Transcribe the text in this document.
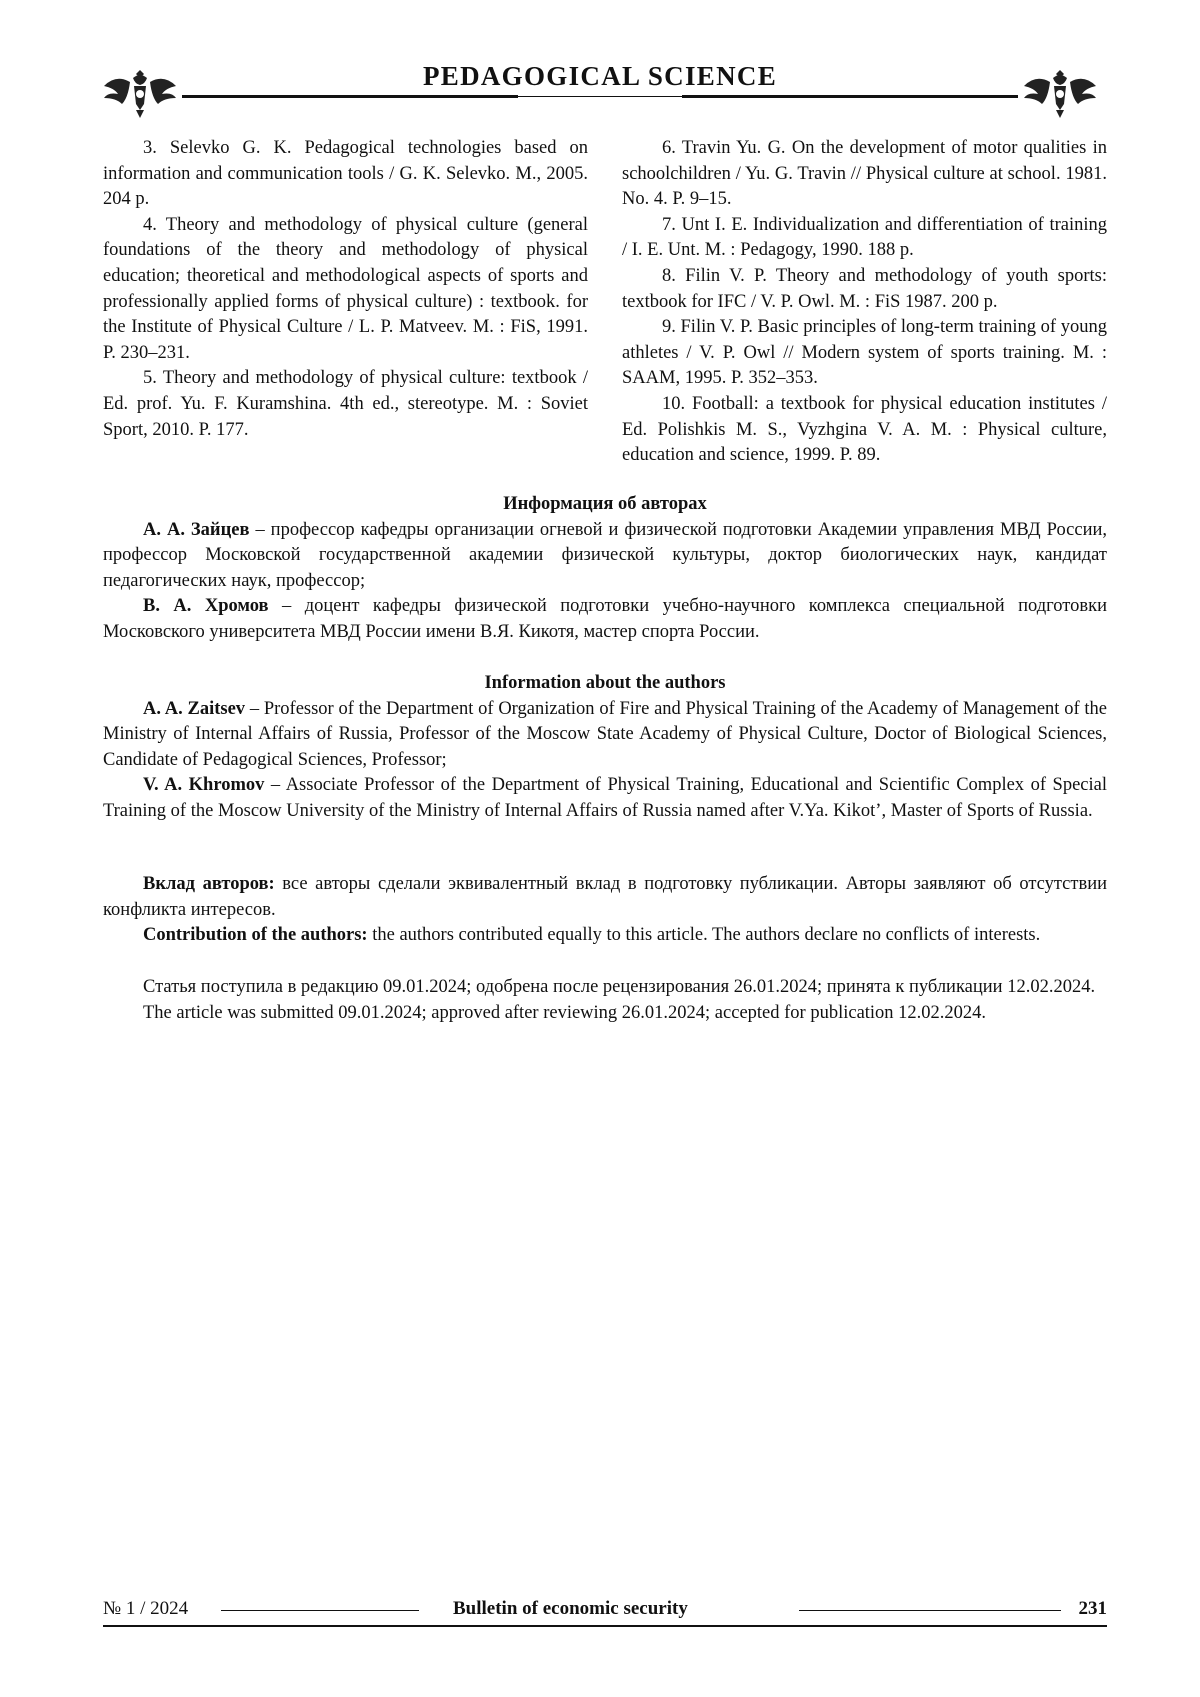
PEDAGOGICAL SCIENCE

3. Selevko G. K. Pedagogical technologies based on information and communication tools / G. K. Selevko. M., 2005. 204 p.

4. Theory and methodology of physical culture (general foundations of the theory and methodology of physical education; theoretical and methodological aspects of sports and professionally applied forms of physical culture) : textbook. for the Institute of Physical Culture / L. P. Matveev. M. : FiS, 1991. P. 230–231.

5. Theory and methodology of physical culture: textbook / Ed. prof. Yu. F. Kuramshina. 4th ed., stereotype. M. : Soviet Sport, 2010. P. 177.

6. Travin Yu. G. On the development of motor qualities in schoolchildren / Yu. G. Travin // Physical culture at school. 1981. No. 4. P. 9–15.

7. Unt I. E. Individualization and differentiation of training / I. E. Unt. M. : Pedagogy, 1990. 188 p.

8. Filin V. P. Theory and methodology of youth sports: textbook for IFC / V. P. Owl. M. : FiS 1987. 200 p.

9. Filin V. P. Basic principles of long-term training of young athletes / V. P. Owl // Modern system of sports training. M. : SAAM, 1995. P. 352–353.

10. Football: a textbook for physical education institutes / Ed. Polishkis M. S., Vyzhgina V. A. M. : Physical culture, education and science, 1999. P. 89.

Информация об авторах

А. А. Зайцев – профессор кафедры организации огневой и физической подготовки Академии управления МВД России, профессор Московской государственной академии физической культуры, доктор биологических наук, кандидат педагогических наук, профессор;

В. А. Хромов – доцент кафедры физической подготовки учебно-научного комплекса специальной подготовки Московского университета МВД России имени В.Я. Кикотя, мастер спорта России.

Information about the authors

A. A. Zaitsev – Professor of the Department of Organization of Fire and Physical Training of the Academy of Management of the Ministry of Internal Affairs of Russia, Professor of the Moscow State Academy of Physical Culture, Doctor of Biological Sciences, Candidate of Pedagogical Sciences, Professor;

V. A. Khromov – Associate Professor of the Department of Physical Training, Educational and Scientific Complex of Special Training of the Moscow University of the Ministry of Internal Affairs of Russia named after V.Ya. Kikot’, Master of Sports of Russia.

Вклад авторов: все авторы сделали эквивалентный вклад в подготовку публикации. Авторы заявляют об отсутствии конфликта интересов.

Contribution of the authors: the authors contributed equally to this article. The authors declare no conflicts of interests.

Статья поступила в редакцию 09.01.2024; одобрена после рецензирования 26.01.2024; принята к публикации 12.02.2024.

The article was submitted 09.01.2024; approved after reviewing 26.01.2024; accepted for publication 12.02.2024.

№ 1 / 2024	Bulletin of economic security	231
